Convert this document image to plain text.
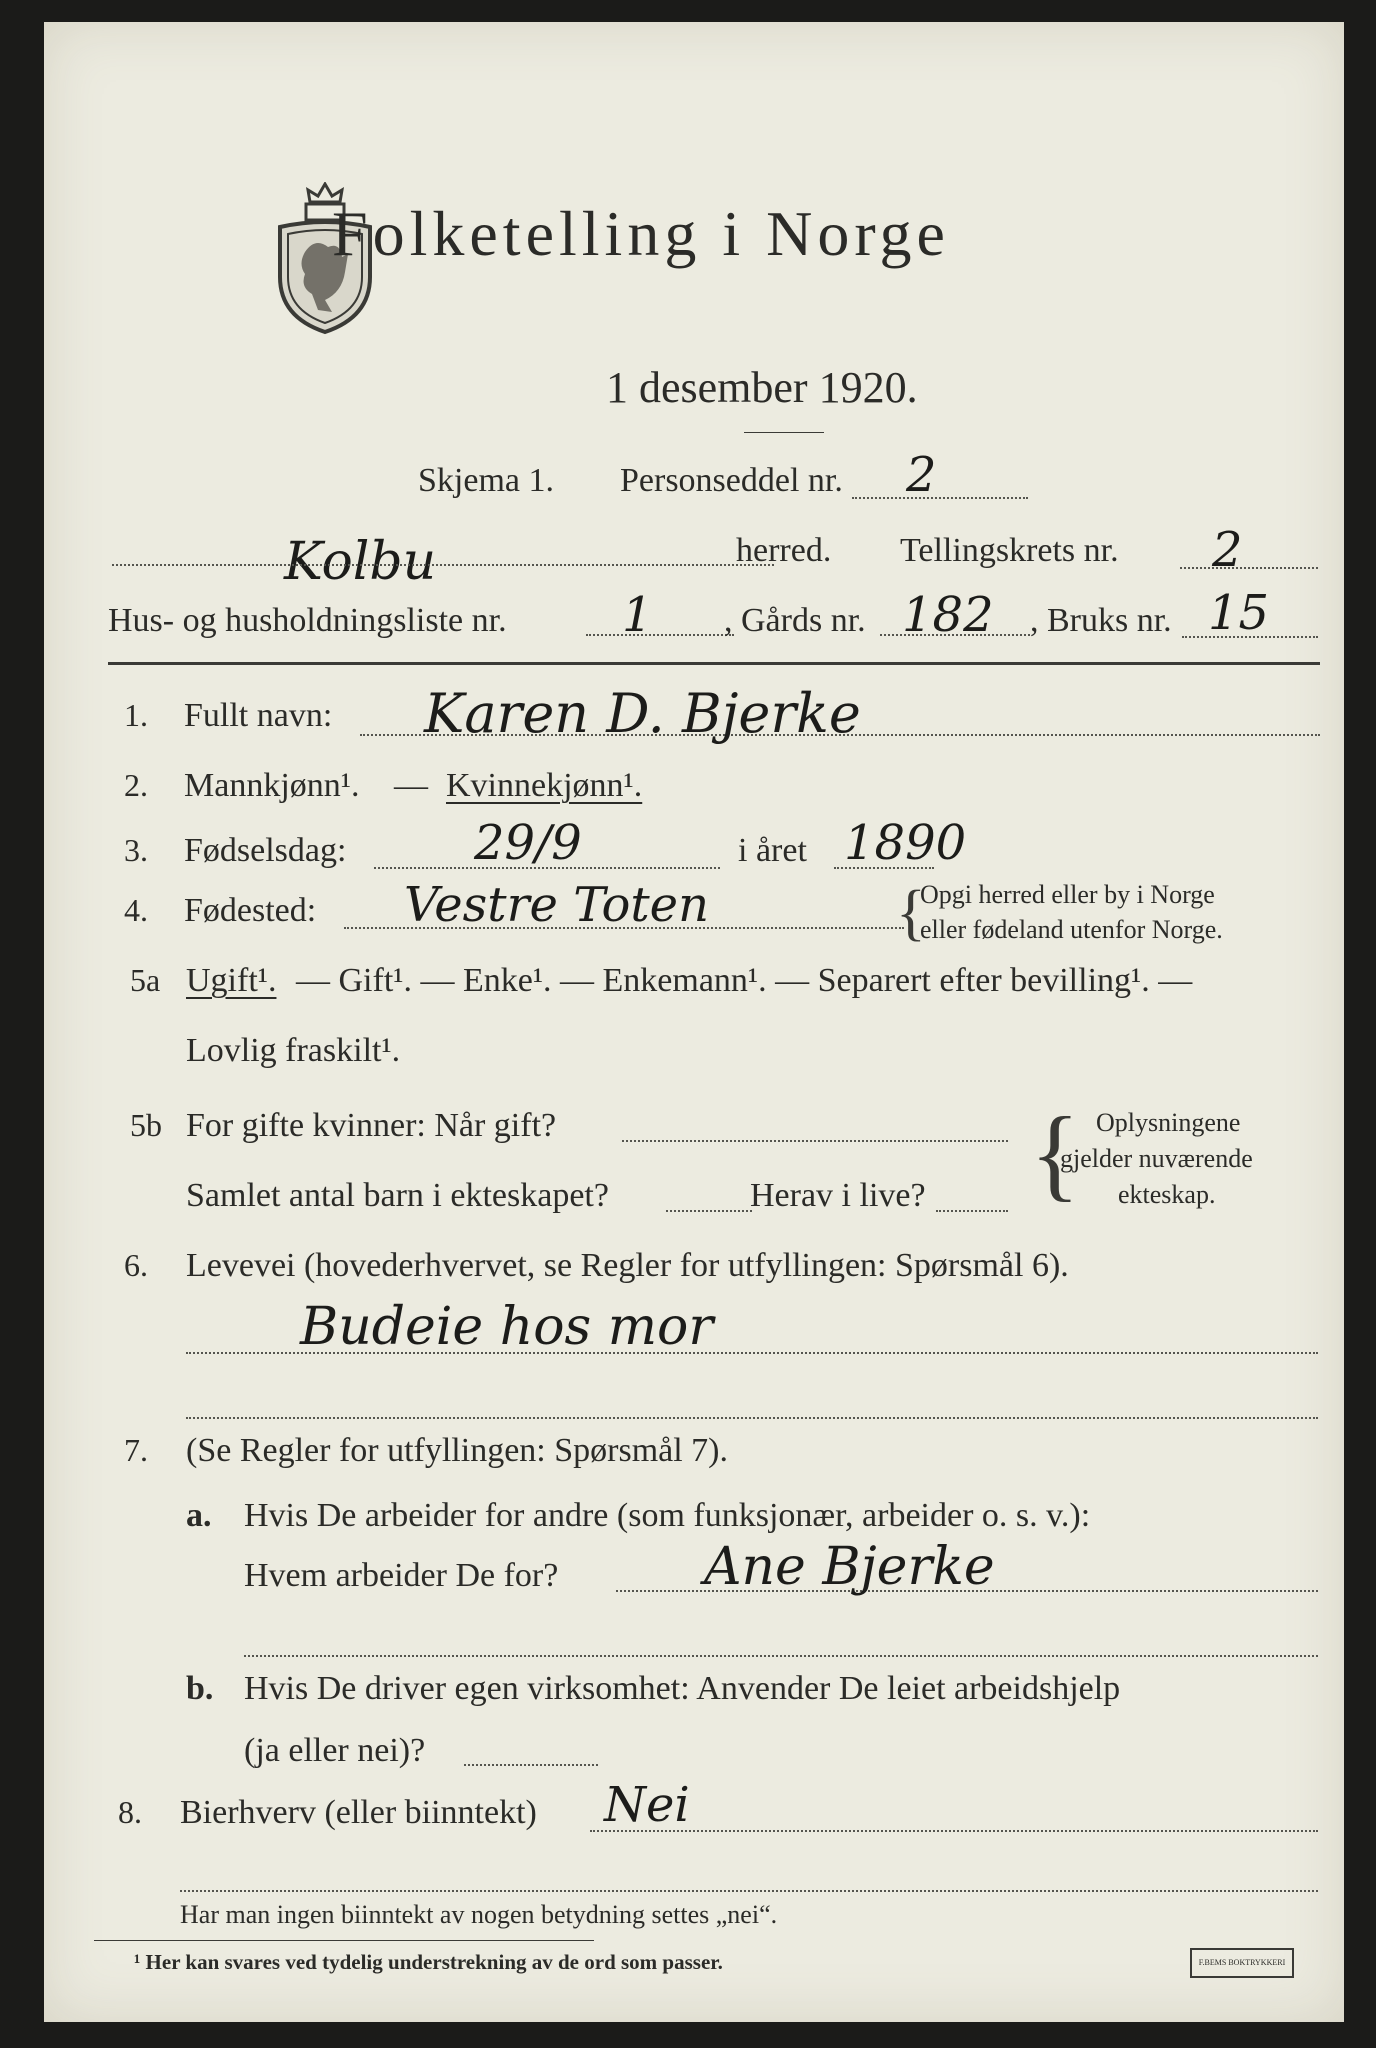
Folketelling i Norge
1 desember 1920.
Skjema 1. Personseddel nr. 2
Kolbu	herred. Tellingskrets nr. 2
Hus- og husholdningsliste nr. 1 , Gårds nr. 182 , Bruks nr. 15
1. Fullt navn: Karen D. Bjerke
2. Mannkjønn¹. — Kvinnekjønn¹.
3. Fødselsdag:	29/9	i året 1890
4. Fødested: Vestre Toten	{
Opgi herred eller by i Norge
eller fødeland utenfor Norge.
5a Ugift¹. — Gift¹. — Enke¹. — Enkemann¹. — Separert efter bevilling¹. —
Lovlig fraskilt¹.
5b For gifte kvinner: Når gift?
Samlet antal barn i ekteskapet?	Herav i live? { Oplysningene
gjelder nuværende
ekteskap.
6. Levevei (hovederhvervet, se Regler for utfyllingen: Spørsmål 6).
Budeie hos mor
7. (Se Regler for utfyllingen: Spørsmål 7).
a. Hvis De arbeider for andre (som funksjonær, arbeider o. s. v.):
Hvem arbeider De for?	Ane Bjerke
b. Hvis De driver egen virksomhet: Anvender De leiet arbeidshjelp
(ja eller nei)?
8. Bierhverv (eller biinntekt) Nei
Har man ingen biinntekt av nogen betydning settes „nei“.
¹ Her kan svares ved tydelig understrekning av de ord som passer.	F.BEMS BOKTRYKKERI
